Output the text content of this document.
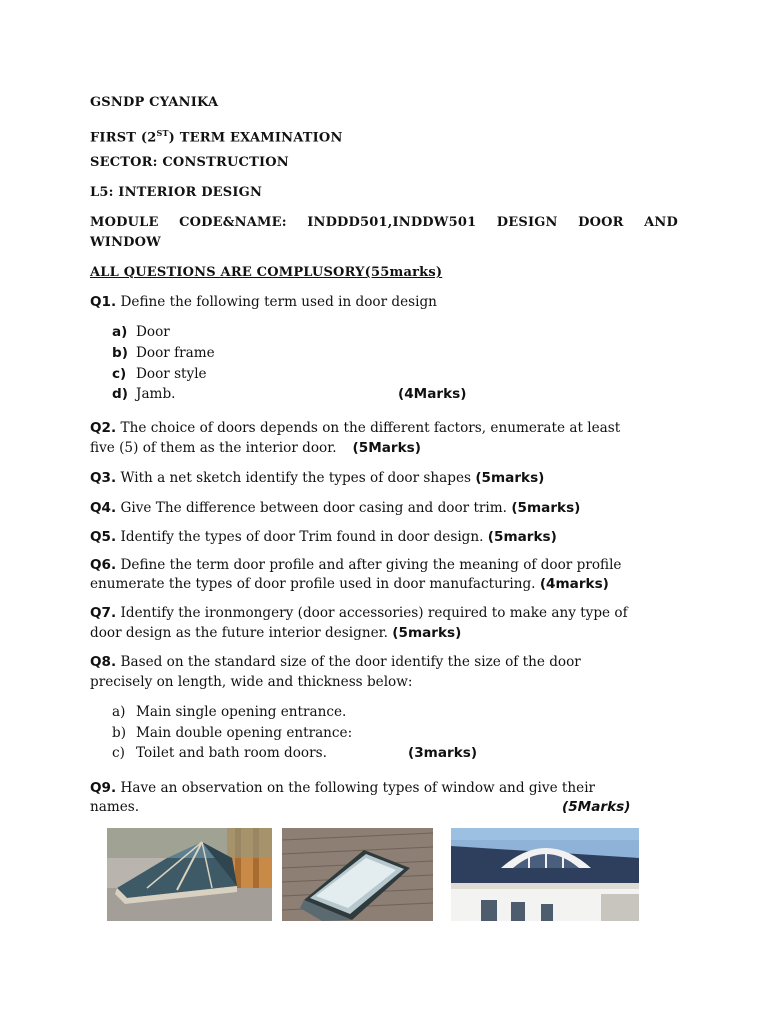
GSNDP CYANIKA
FIRST (2ST) TERM EXAMINATION
SECTOR: CONSTRUCTION
L5: INTERIOR DESIGN
MODULE CODE&NAME: INDDD501,INDDW501 DESIGN DOOR AND
WINDOW
ALL QUESTIONS ARE COMPLUSORY(55marks)
Q1. Define the following term used in door design
a) Door
b) Door frame
c) Door style
d) Jamb.	(4Marks)
Q2. The choice of doors depends on the different factors, enumerate at least
five (5) of them as the interior door. (5Marks)
Q3. With a net sketch identify the types of door shapes (5marks)
Q4. Give The difference between door casing and door trim. (5marks)
Q5. Identify the types of door Trim found in door design. (5marks)
Q6. Define the term door profile and after giving the meaning of door profile
enumerate the types of door profile used in door manufacturing. (4marks)
Q7. Identify the ironmongery (door accessories) required to make any type of
door design as the future interior designer. (5marks)
Q8. Based on the standard size of the door identify the size of the door
precisely on length, wide and thickness below:
a) Main single opening entrance.
b) Main double opening entrance:
c) Toilet and bath room doors.	(3marks)
Q9. Have an observation on the following types of window and give their
names.	(5Marks)
